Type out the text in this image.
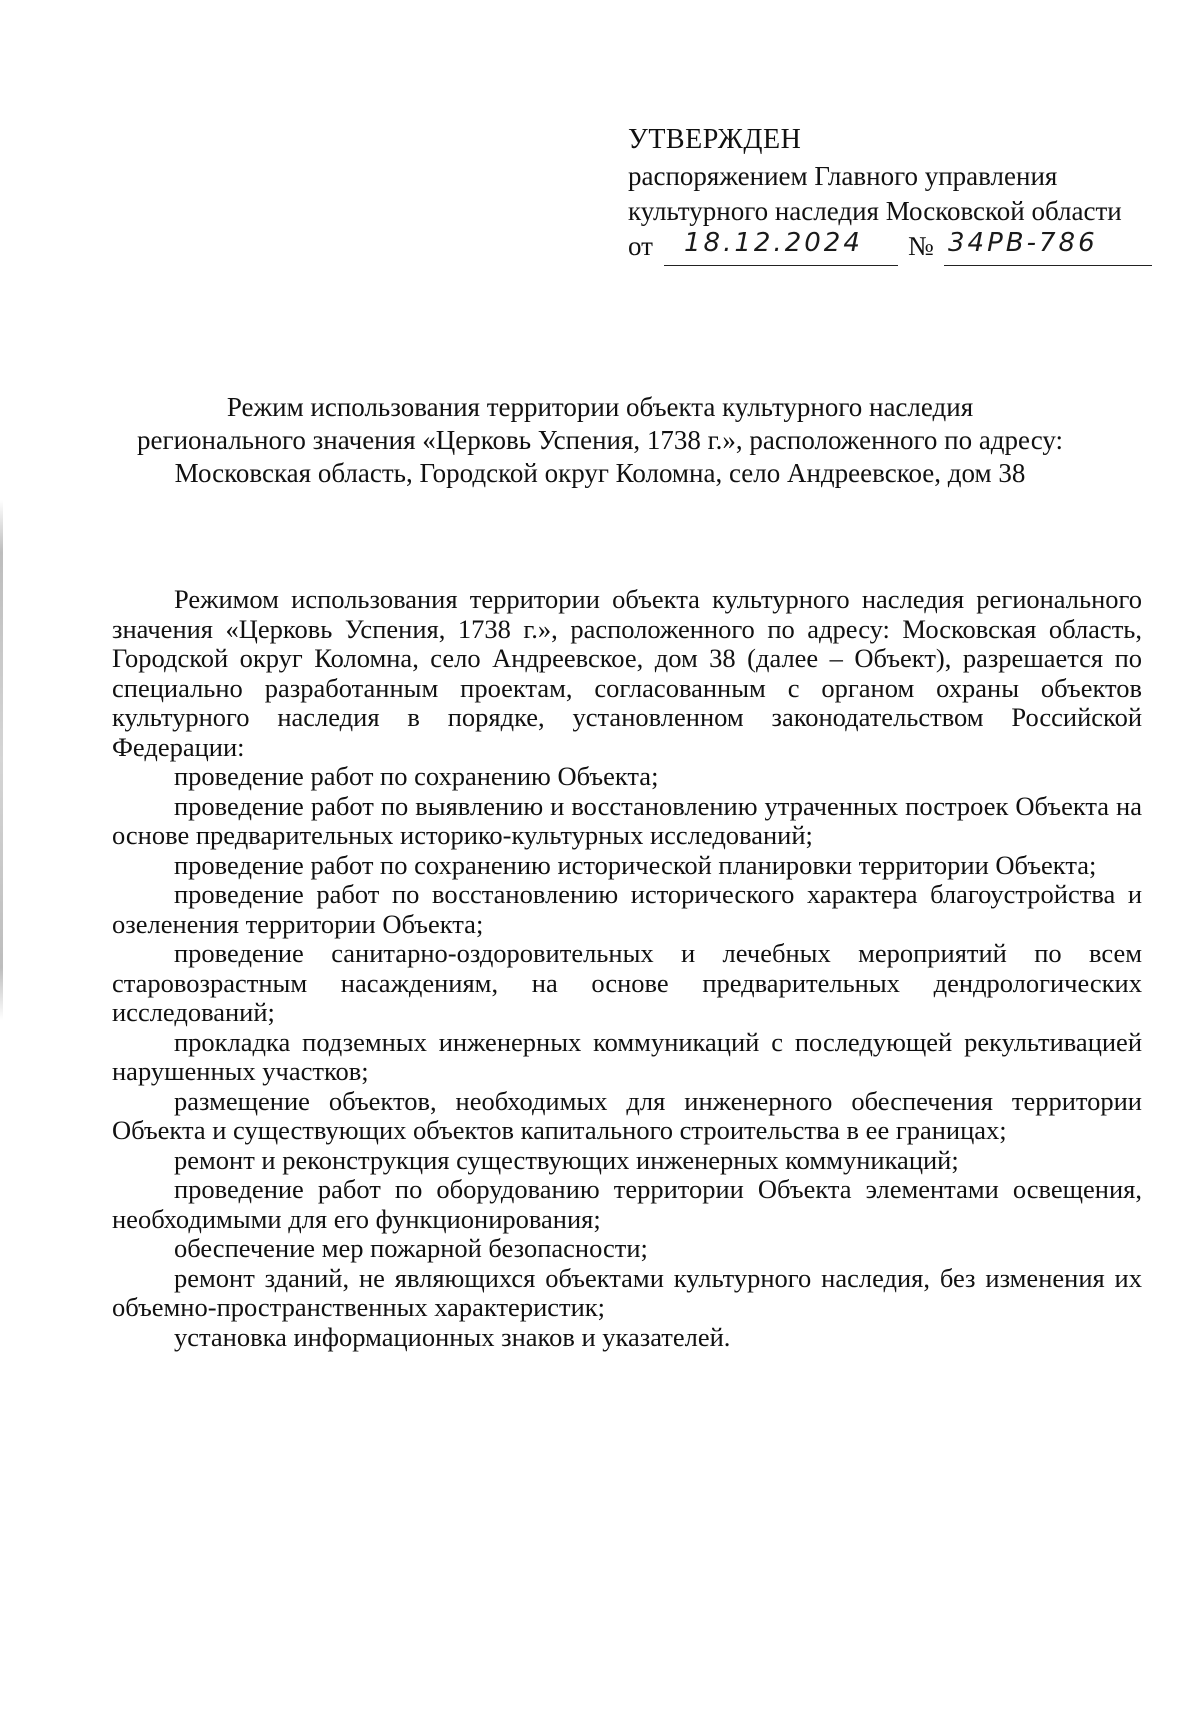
УТВЕРЖДЕН
распоряжением Главного управления
культурного наследия Московской области
от 18.12.2024 № 34РВ-786
Режим использования территории объекта культурного наследия
регионального значения «Церковь Успения, 1738 г.», расположенного по адресу:
Московская область, Городской округ Коломна, село Андреевское, дом 38

Режимом использования территории объекта культурного наследия регионального значения «Церковь Успения, 1738 г.», расположенного по адресу: Московская область, Городской округ Коломна, село Андреевское, дом 38 (далее – Объект), разрешается по специально разработанным проектам, согласованным с органом охраны объектов культурного наследия в порядке, установленном законодательством Российской Федерации:

проведение работ по сохранению Объекта;

проведение работ по выявлению и восстановлению утраченных построек Объекта на основе предварительных историко-культурных исследований;

проведение работ по сохранению исторической планировки территории Объекта;

проведение работ по восстановлению исторического характера благоустройства и озеленения территории Объекта;

проведение санитарно-оздоровительных и лечебных мероприятий по всем старовозрастным насаждениям, на основе предварительных дендрологических исследований;

прокладка подземных инженерных коммуникаций с последующей рекультивацией нарушенных участков;

размещение объектов, необходимых для инженерного обеспечения территории Объекта и существующих объектов капитального строительства в ее границах;

ремонт и реконструкция существующих инженерных коммуникаций;

проведение работ по оборудованию территории Объекта элементами освещения, необходимыми для его функционирования;

обеспечение мер пожарной безопасности;

ремонт зданий, не являющихся объектами культурного наследия, без изменения их объемно-пространственных характеристик;

установка информационных знаков и указателей.
